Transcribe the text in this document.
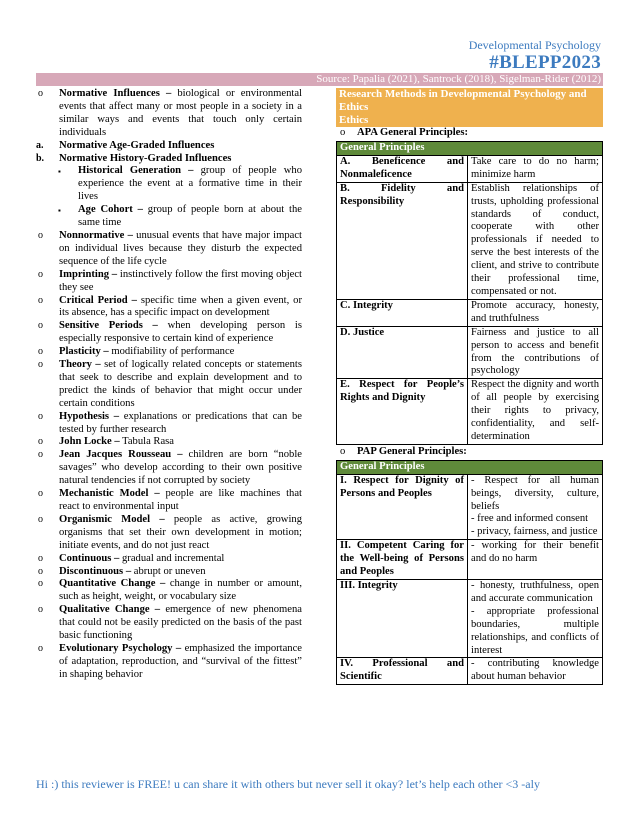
Developmental Psychology
#BLEPP2023
Source: Papalia (2021), Santrock (2018), Sigelman-Rider (2012)
o Normative Influences – biological or environmental events that affect many or most people in a society in a similar ways and events that touch only certain individuals
a. Normative Age-Graded Influences
b. Normative History-Graded Influences
▪ Historical Generation – group of people who experience the event at a formative time in their lives
▪ Age Cohort – group of people born at about the same time
o Nonnormative – unusual events that have major impact on individual lives because they disturb the expected sequence of the life cycle
o Imprinting – instinctively follow the first moving object they see
o Critical Period – specific time when a given event, or its absence, has a specific impact on development
o Sensitive Periods – when developing person is especially responsive to certain kind of experience
o Plasticity – modifiability of performance
o Theory – set of logically related concepts or statements that seek to describe and explain development and to predict the kinds of behavior that might occur under certain conditions
o Hypothesis – explanations or predications that can be tested by further research
o John Locke – Tabula Rasa
o Jean Jacques Rousseau – children are born “noble savages” who develop according to their own positive natural tendencies if not corrupted by society
o Mechanistic Model – people are like machines that react to environmental input
o Organismic Model – people as active, growing organisms that set their own development in motion; initiate events, and do not just react
o Continuous – gradual and incremental
o Discontinuous – abrupt or uneven
o Quantitative Change – change in number or amount, such as height, weight, or vocabulary size
o Qualitative Change – emergence of new phenomena that could not be easily predicted on the basis of the past basic functioning
o Evolutionary Psychology – emphasized the importance of adaptation, reproduction, and “survival of the fittest” in shaping behavior
Research Methods in Developmental Psychology and Ethics
Ethics
o APA General Principles:
General Principles	
A. Beneficence and Nonmaleficence	Take care to do no harm; minimize harm
B. Fidelity and Responsibility	Establish relationships of trusts, upholding professional standards of conduct, cooperate with other professionals if needed to serve the best interests of the client, and strive to contribute their professional time, compensated or not.
C. Integrity	Promote accuracy, honesty, and truthfulness
D. Justice	Fairness and justice to all person to access and benefit from the contributions of psychology
E. Respect for People’s Rights and Dignity	Respect the dignity and worth of all people by exercising their rights to privacy, confidentiality, and self-determination
o PAP General Principles:
General Principles	
I. Respect for Dignity of Persons and Peoples	- Respect for all human beings, diversity, culture, beliefs
- free and informed consent
- privacy, fairness, and justice
II. Competent Caring for the Well-being of Persons and Peoples	- working for their benefit and do no harm
III. Integrity	- honesty, truthfulness, open and accurate communication
- appropriate professional boundaries, multiple relationships, and conflicts of interest
IV. Professional and Scientific	- contributing knowledge about human behavior
Hi :) this reviewer is FREE! u can share it with others but never sell it okay? let’s help each other <3 -aly
